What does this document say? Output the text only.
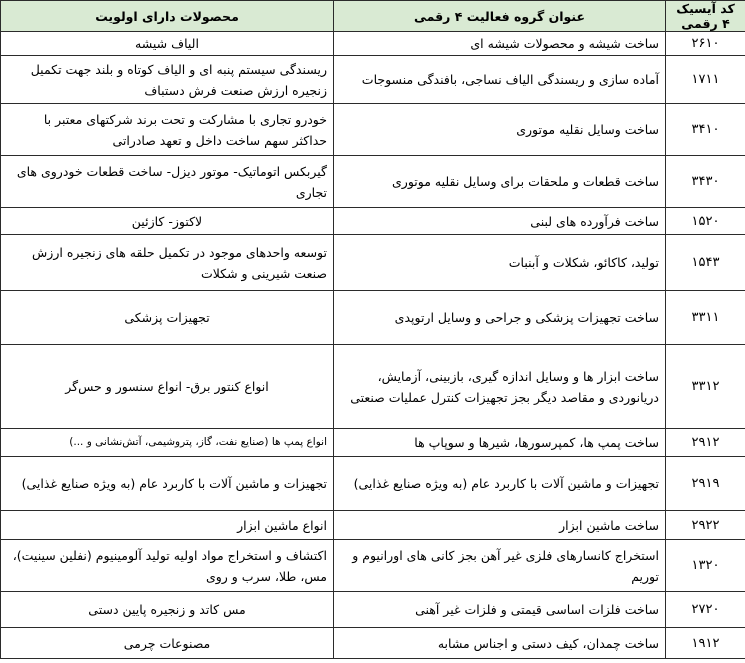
کد آیسیک ۴ رقمی	عنوان گروه فعالیت ۴ رقمی	محصولات دارای اولویت
۲۶۱۰	ساخت شیشه و محصولات شیشه ای	الیاف شیشه
۱۷۱۱	آماده سازی و ریسندگی الیاف نساجی، بافندگی منسوجات	ریسندگی سیستم پنبه ای و الیاف کوتاه و بلند جهت تکمیل زنجیره ارزش صنعت فرش دستباف
۳۴۱۰	ساخت وسایل نقلیه موتوری	خودرو تجاری با مشارکت و تحت برند شرکتهای معتبر با حداکثر سهم ساخت داخل و تعهد صادراتی
۳۴۳۰	ساخت قطعات و ملحقات برای وسایل نقلیه موتوری	گیربکس اتوماتیک- موتور دیزل- ساخت قطعات خودروی های تجاری
۱۵۲۰	ساخت فرآورده های لبنی	لاکتوز- کازئین
۱۵۴۳	تولید، کاکائو، شکلات و آبنبات	توسعه واحدهای موجود در تکمیل حلقه های زنجیره ارزش صنعت شیرینی و شکلات
۳۳۱۱	ساخت تجهیزات پزشکی و جراحی و وسایل ارتوپدی	تجهیزات پزشکی
۳۳۱۲	ساخت ابزار ها و وسایل اندازه گیری، بازبینی، آزمایش، دریانوردی و مقاصد دیگر بجز تجهیزات کنترل عملیات صنعتی	انواع کنتور برق- انواع سنسور و حس‌گر
۲۹۱۲	ساخت پمپ ها، کمپرسورها، شیرها و سوپاپ ها	انواع پمپ ها (صنایع نفت، گاز، پتروشیمی، آتش‌نشانی و ...)
۲۹۱۹	تجهیزات و ماشین آلات با کاربرد عام (به ویژه صنایع غذایی)	تجهیزات و ماشین آلات با کاربرد عام (به ویژه صنایع غذایی)
۲۹۲۲	ساخت ماشین ابزار	انواع ماشین ابزار
۱۳۲۰	استخراج کانسارهای فلزی غیر آهن بجز کانی های اورانیوم و توریم	اکتشاف و استخراج مواد اولیه تولید آلومینیوم (نفلین سینیت)، مس، طلا، سرب و روی
۲۷۲۰	ساخت فلزات اساسی قیمتی و فلزات غیر آهنی	مس کاتد و زنجیره پایین دستی
۱۹۱۲	ساخت چمدان، کیف دستی و اجناس مشابه	مصنوعات چرمی
